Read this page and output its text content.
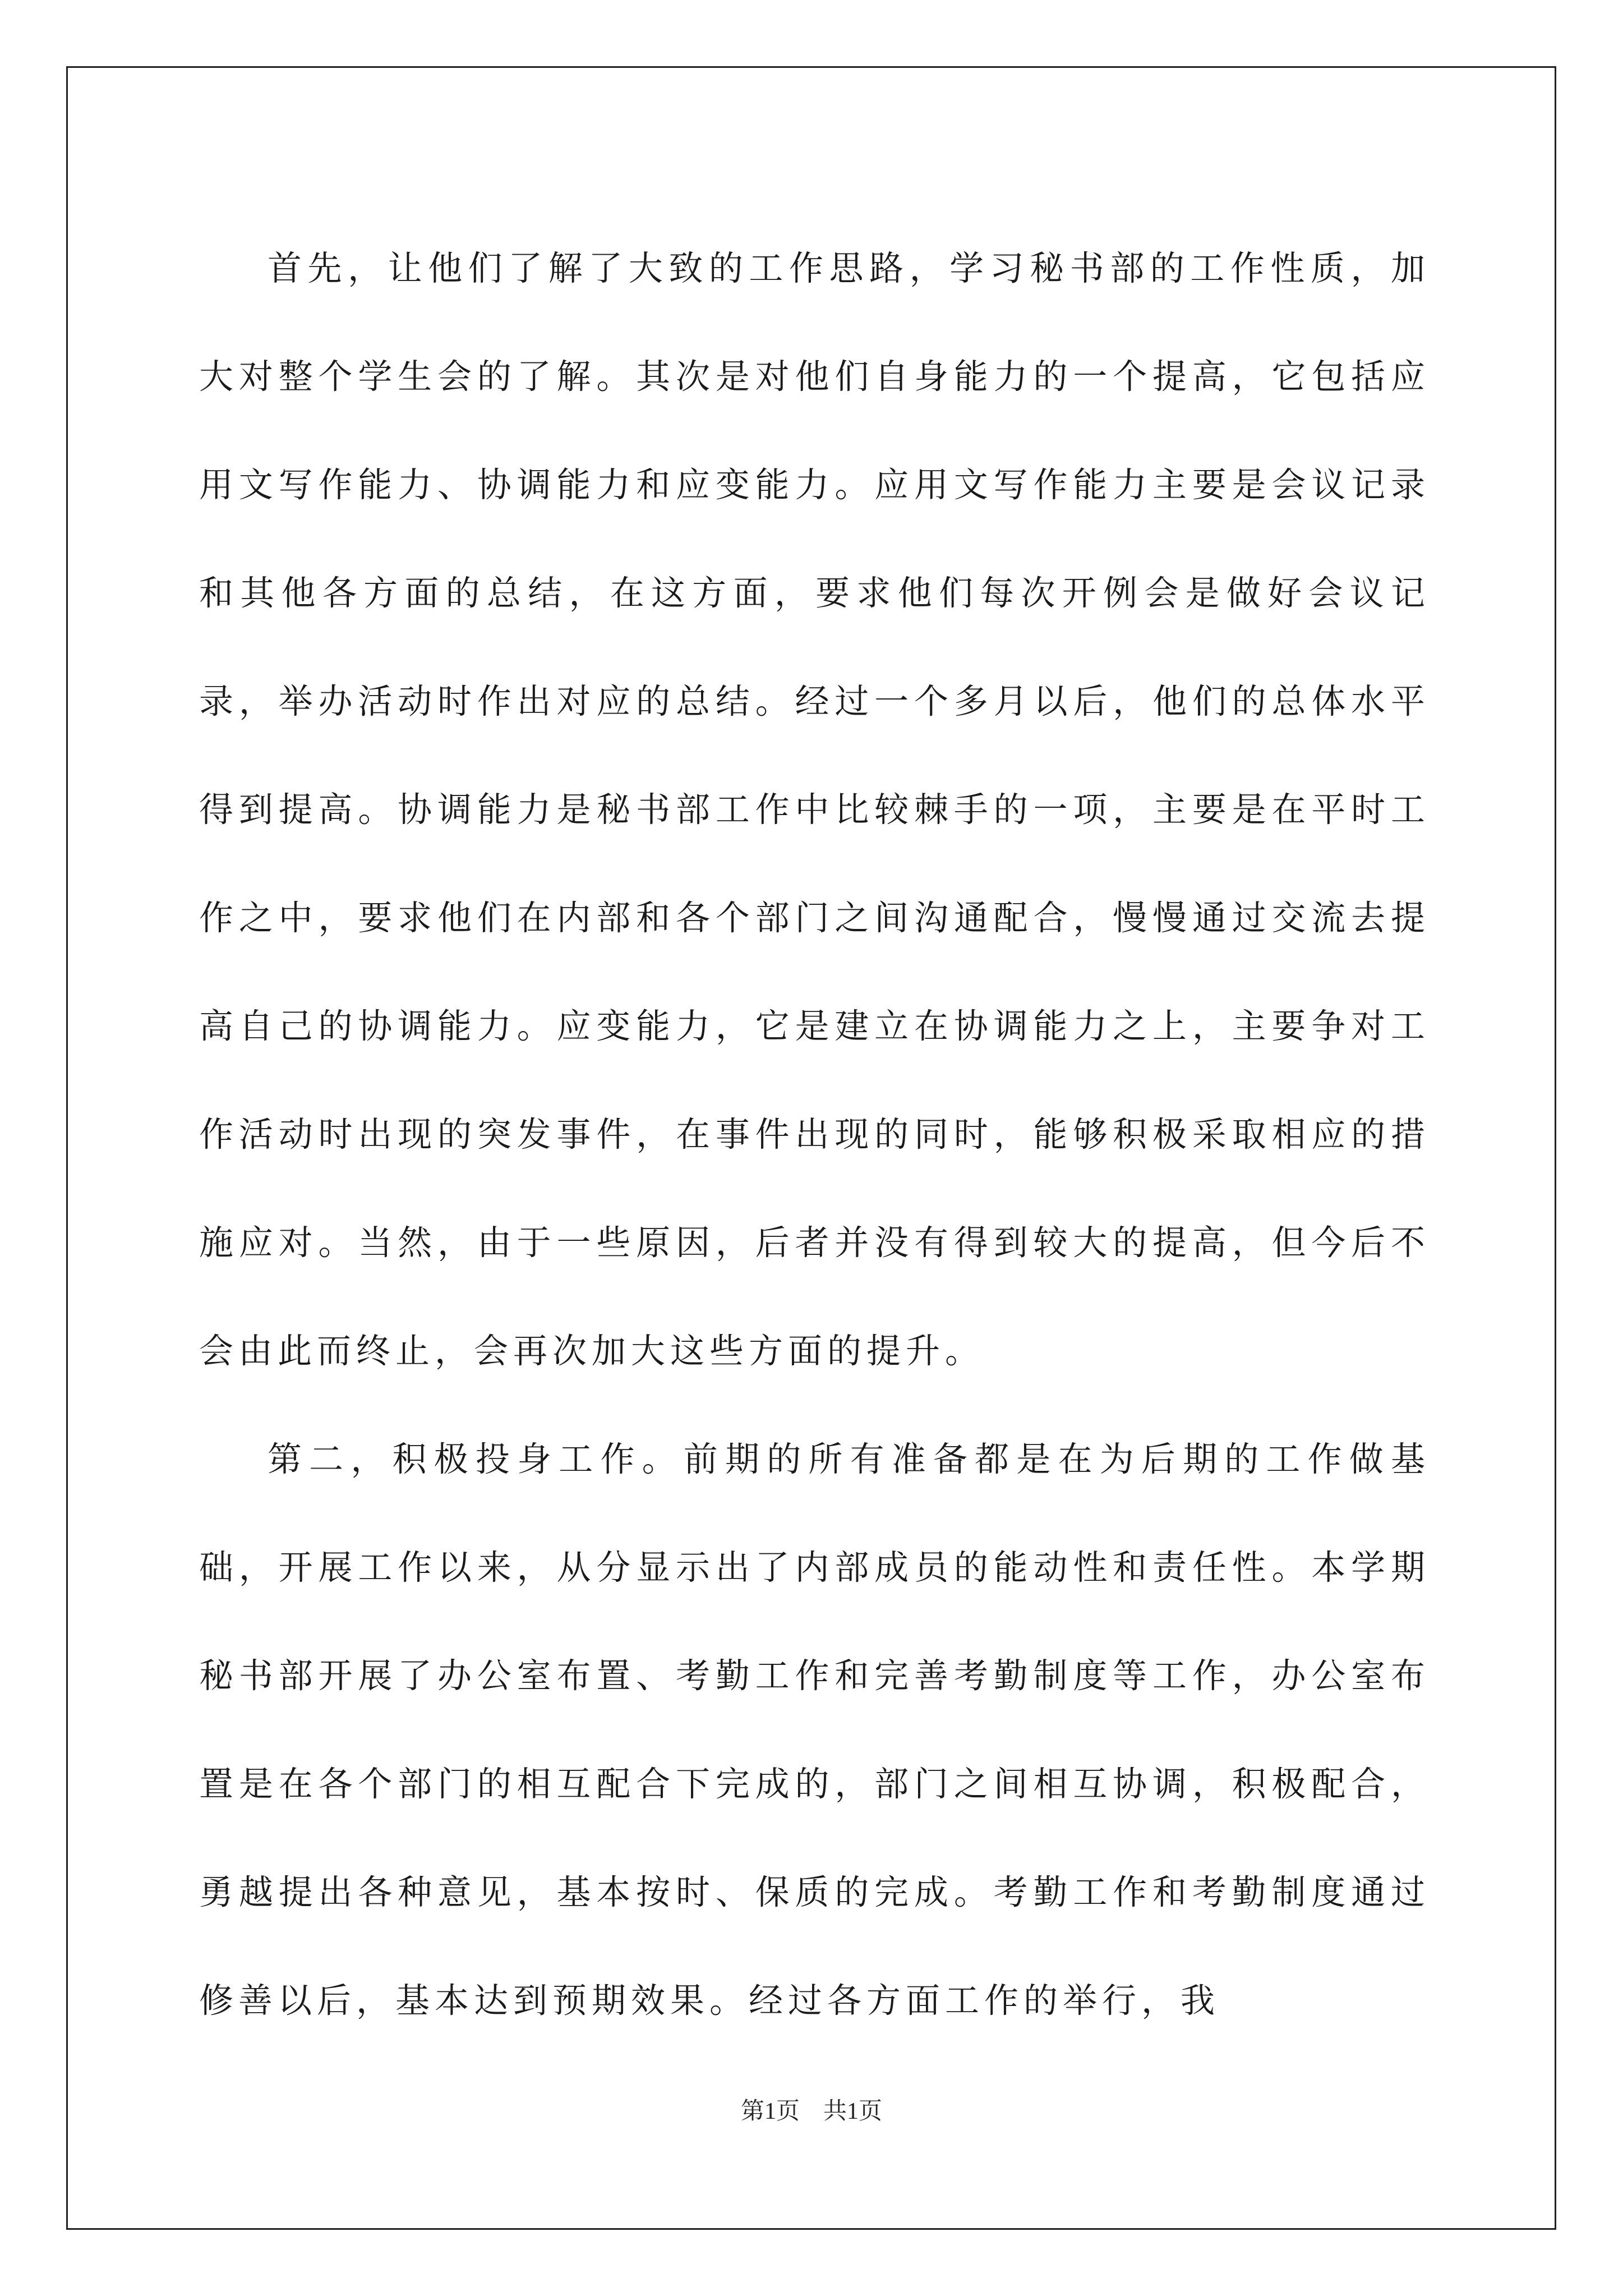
首先，让他们了解了大致的工作思路，学习秘书部的工作性质，加大对整个学生会的了解。其次是对他们自身能力的一个提高，它包括应用文写作能力、协调能力和应变能力。应用文写作能力主要是会议记录和其他各方面的总结，在这方面，要求他们每次开例会是做好会议记录，举办活动时作出对应的总结。经过一个多月以后，他们的总体水平得到提高。协调能力是秘书部工作中比较棘手的一项，主要是在平时工作之中，要求他们在内部和各个部门之间沟通配合，慢慢通过交流去提高自己的协调能力。应变能力，它是建立在协调能力之上，主要争对工作活动时出现的突发事件，在事件出现的同时，能够积极采取相应的措施应对。当然，由于一些原因，后者并没有得到较大的提高，但今后不会由此而终止，会再次加大这些方面的提升。

第二，积极投身工作。前期的所有准备都是在为后期的工作做基础，开展工作以来，从分显示出了内部成员的能动性和责任性。本学期秘书部开展了办公室布置、考勤工作和完善考勤制度等工作，办公室布置是在各个部门的相互配合下完成的，部门之间相互协调，积极配合，勇越提出各种意见，基本按时、保质的完成。考勤工作和考勤制度通过修善以后，基本达到预期效果。经过各方面工作的举行，我

第1页　共1页
